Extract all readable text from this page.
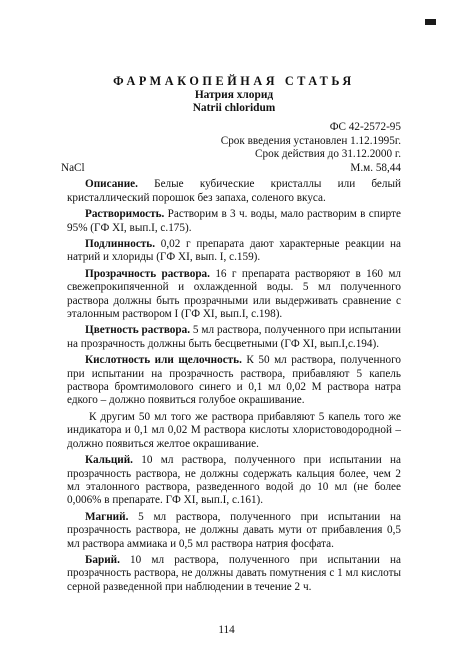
ФАРМАКОПЕЙНАЯ СТАТЬЯ

Натрия хлорид

Natrii chloridum

ФС 42-2572-95

Срок введения установлен 1.12.1995г.

Срок действия до 31.12.2000 г.

NaCl	М.м. 58,44

Описание. Белые кубические кристаллы или белый кристаллический порошок без запаха, соленого вкуса.

Растворимость. Растворим в 3 ч. воды, мало растворим в спирте 95% (ГФ XI, вып.I, с.175).

Подлинность. 0,02 г препарата дают характерные реакции на натрий и хлориды (ГФ XI, вып. I, с.159).

Прозрачность раствора. 16 г препарата растворяют в 160 мл свежепрокипяченной и охлажденной воды. 5 мл полученного раствора должны быть прозрачными или выдерживать сравнение с эталонным раствором I (ГФ XI, вып.I, с.198).

Цветность раствора. 5 мл раствора, полученного при испытании на прозрачность должны быть бесцветными (ГФ XI, вып.I,с.194).

Кислотность или щелочность. К 50 мл раствора, полученного при испытании на прозрачность раствора, прибавляют 5 капель раствора бромтимолового синего и 0,1 мл 0,02 М раствора натра едкого – должно появиться голубое окрашивание.

К другим 50 мл того же раствора прибавляют 5 капель того же индикатора и 0,1 мл 0,02 М раствора кислоты хлористоводородной – должно появиться желтое окрашивание.

Кальций. 10 мл раствора, полученного при испытании на прозрачность раствора, не должны содержать кальция более, чем 2 мл эталонного раствора, разведенного водой до 10 мл (не более 0,006% в препарате. ГФ XI, вып.I, с.161).

Магний. 5 мл раствора, полученного при испытании на прозрачность раствора, не должны давать мути от прибавления 0,5 мл раствора аммиака и 0,5 мл раствора натрия фосфата.

Барий. 10 мл раствора, полученного при испытании на прозрачность раствора, не должны давать помутнения с 1 мл кислоты серной разведенной при наблюдении в течение 2 ч.

114
